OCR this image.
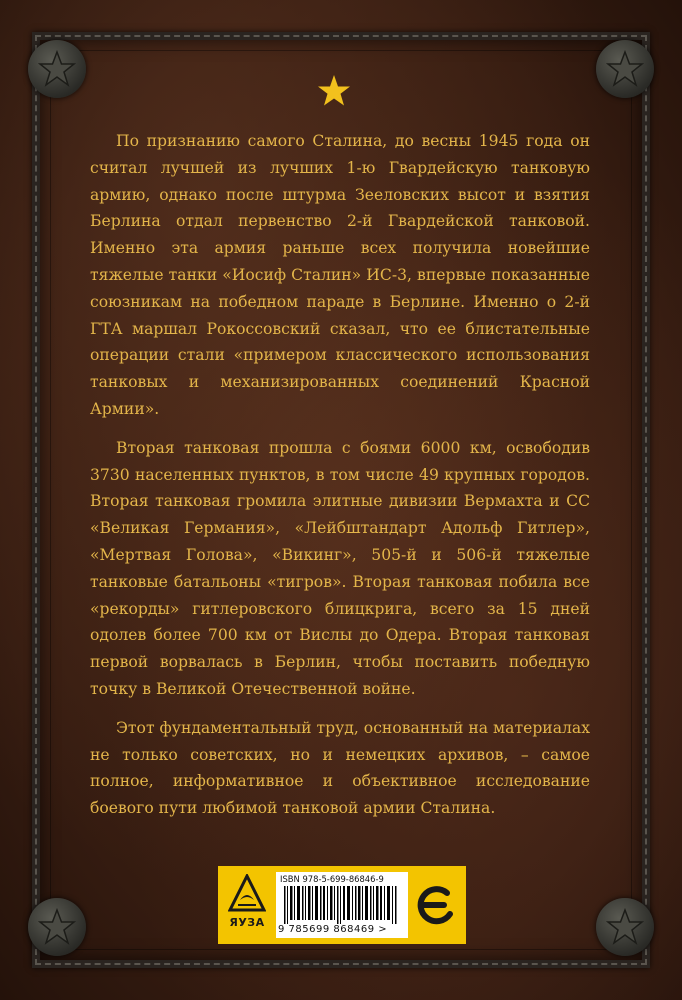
По признанию самого Сталина, до весны 1945 года он считал лучшей из лучших 1-ю Гвардейскую танковую армию, однако после штурма Зееловских высот и взятия Берлина отдал первенство 2-й Гвардейской танковой. Именно эта армия раньше всех получила новейшие тяжелые танки «Иосиф Сталин» ИС-3, впервые показанные союзникам на победном параде в Берлине. Именно о 2-й ГТА маршал Рокоссовский сказал, что ее блистательные операции стали «примером классического использования танковых и механизированных соединений Красной Армии».

Вторая танковая прошла с боями 6000 км, освободив 3730 населенных пунктов, в том числе 49 крупных городов. Вторая танковая громила элитные дивизии Вермахта и СС «Великая Германия», «Лейбштандарт Адольф Гитлер», «Мертвая Голова», «Викинг», 505-й и 506-й тяжелые танковые батальоны «тигров». Вторая танковая побила все «рекорды» гитлеровского блицкрига, всего за 15 дней одолев более 700 км от Вислы до Одера. Вторая танковая первой ворвалась в Берлин, чтобы поставить победную точку в Великой Отечественной войне.

Этот фундаментальный труд, основанный на материалах не только советских, но и немецких архивов, – самое полное, информативное и объективное исследование боевого пути любимой танковой армии Сталина.

ЯУЗА
ISBN 978-5-699-86846-9
9 785699 868469 >
